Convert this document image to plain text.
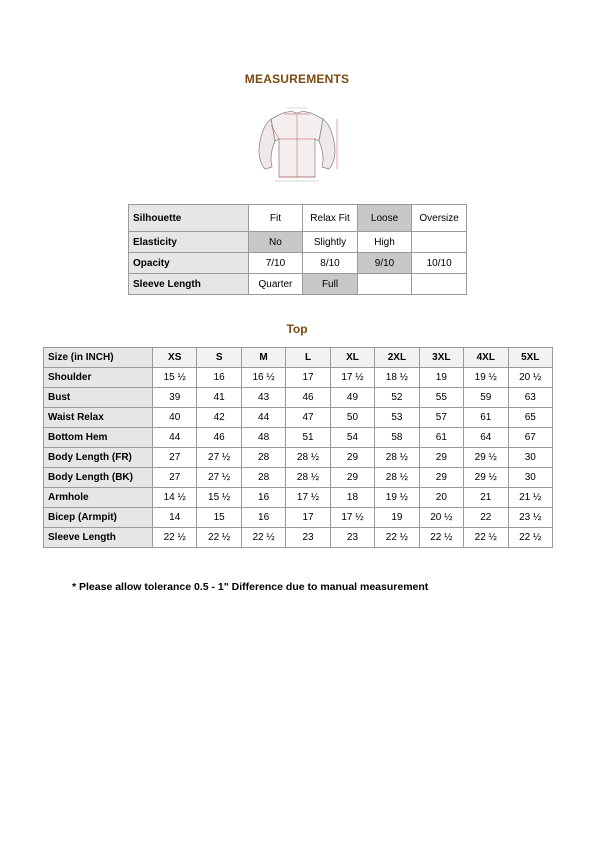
MEASUREMENTS
Silhouette	Fit	Relax Fit	Loose	Oversize
Elasticity	No	Slightly	High	
Opacity	7/10	8/10	9/10	10/10
Sleeve Length	Quarter	Full		
Top
Size (in INCH)	XS	S	M	L	XL	2XL	3XL	4XL	5XL
Shoulder	15 ½	16	16 ½	17	17 ½	18 ½	19	19 ½	20 ½
Bust	39	41	43	46	49	52	55	59	63
Waist Relax	40	42	44	47	50	53	57	61	65
Bottom Hem	44	46	48	51	54	58	61	64	67
Body Length (FR)	27	27 ½	28	28 ½	29	28 ½	29	29 ½	30
Body Length (BK)	27	27 ½	28	28 ½	29	28 ½	29	29 ½	30
Armhole	14 ½	15 ½	16	17 ½	18	19 ½	20	21	21 ½
Bicep (Armpit)	14	15	16	17	17 ½	19	20 ½	22	23 ½
Sleeve Length	22 ½	22 ½	22 ½	23	23	22 ½	22 ½	22 ½	22 ½
* Please allow tolerance 0.5 - 1" Difference due to manual measurement
